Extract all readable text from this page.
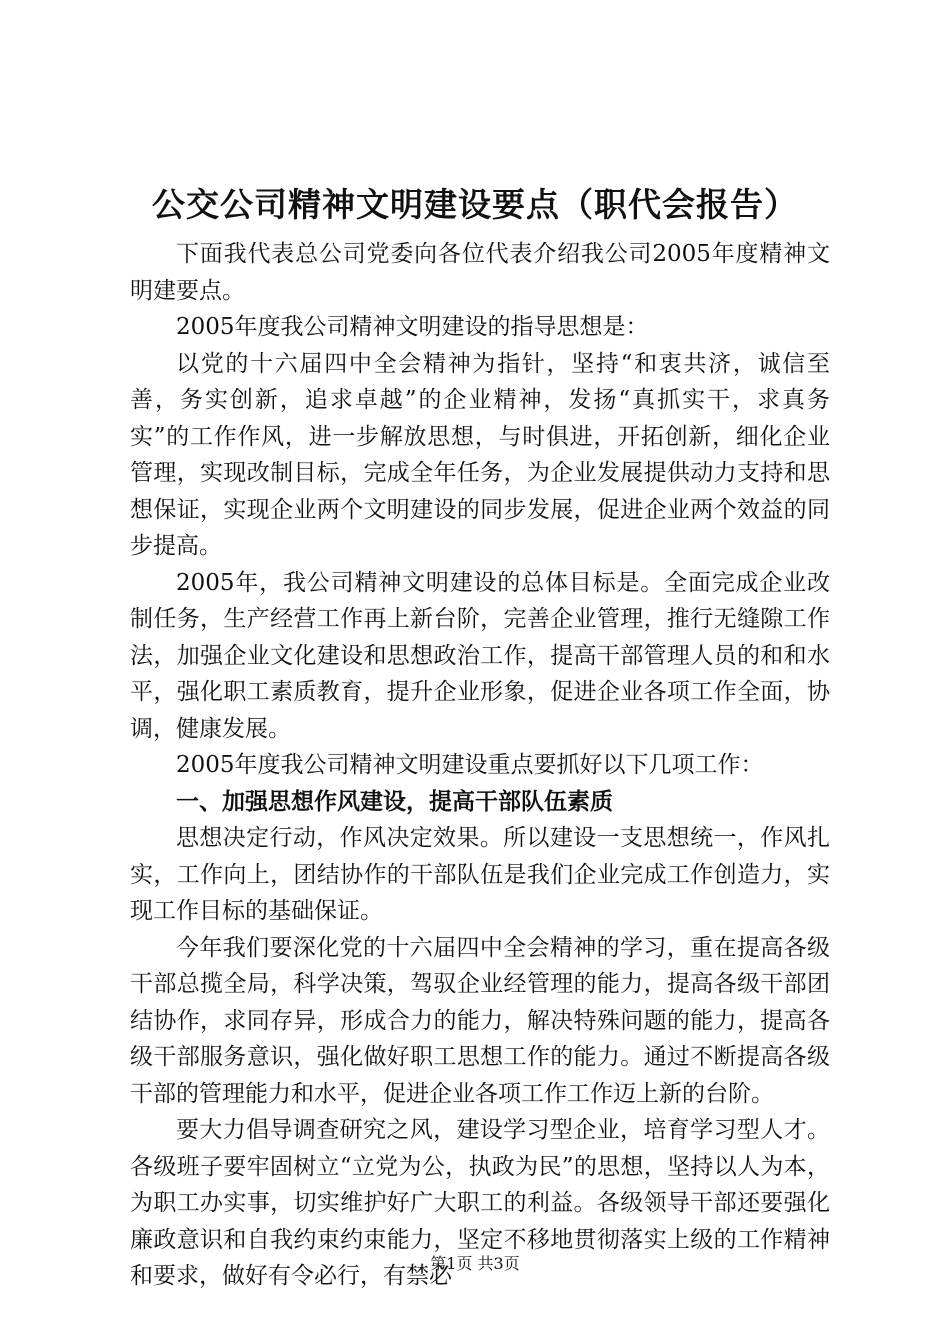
公交公司精神文明建设要点（职代会报告）

下面我代表总公司党委向各位代表介绍我公司2005年度精神文明建要点。

2005年度我公司精神文明建设的指导思想是：

以党的十六届四中全会精神为指针，坚持“和衷共济，诚信至善，务实创新，追求卓越”的企业精神，发扬“真抓实干，求真务实”的工作作风，进一步解放思想，与时俱进，开拓创新，细化企业管理，实现改制目标，完成全年任务，为企业发展提供动力支持和思想保证，实现企业两个文明建设的同步发展，促进企业两个效益的同步提高。

2005年，我公司精神文明建设的总体目标是。全面完成企业改制任务，生产经营工作再上新台阶，完善企业管理，推行无缝隙工作法，加强企业文化建设和思想政治工作，提高干部管理人员的和和水平，强化职工素质教育，提升企业形象，促进企业各项工作全面，协调，健康发展。

2005年度我公司精神文明建设重点要抓好以下几项工作：

一、加强思想作风建设，提高干部队伍素质

思想决定行动，作风决定效果。所以建设一支思想统一，作风扎实，工作向上，团结协作的干部队伍是我们企业完成工作创造力，实现工作目标的基础保证。

今年我们要深化党的十六届四中全会精神的学习，重在提高各级干部总揽全局，科学决策，驾驭企业经管理的能力，提高各级干部团结协作，求同存异，形成合力的能力，解决特殊问题的能力，提高各级干部服务意识，强化做好职工思想工作的能力。通过不断提高各级干部的管理能力和水平，促进企业各项工作工作迈上新的台阶。

要大力倡导调查研究之风，建设学习型企业，培育学习型人才。各级班子要牢固树立“立党为公，执政为民”的思想，坚持以人为本，为职工办实事，切实维护好广大职工的利益。各级领导干部还要强化廉政意识和自我约束约束能力，坚定不移地贯彻落实上级的工作精神和要求，做好有令必行，有禁必

第1页 共3页
